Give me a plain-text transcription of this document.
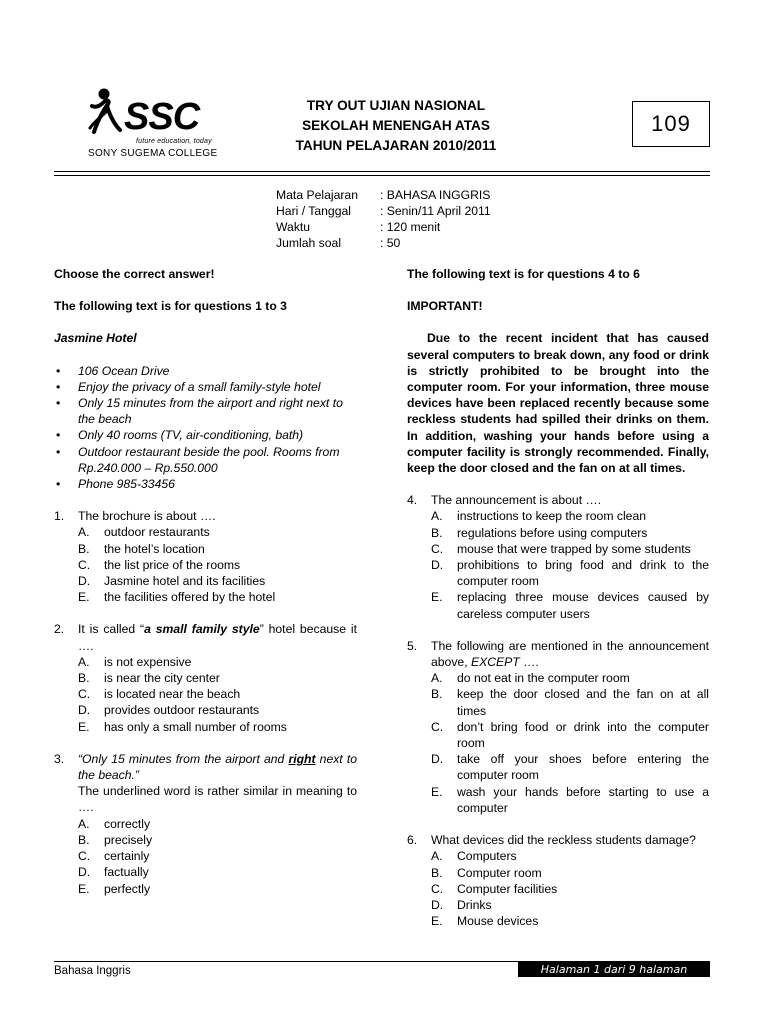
SSC
future education, today
SONY SUGEMA COLLEGE
TRY OUT UJIAN NASIONAL
SEKOLAH MENENGAH ATAS
TAHUN PELAJARAN 2010/2011
109
Mata Pelajaran	: BAHASA INGGRIS
Hari / Tanggal	: Senin/11 April 2011
Waktu	: 120 menit
Jumlah soal	: 50
Choose the correct answer!
The following text is for questions 1 to 3
Jasmine Hotel
• 106 Ocean Drive
• Enjoy the privacy of a small family-style hotel
• Only 15 minutes from the airport and right next to the beach
• Only 40 rooms (TV, air-conditioning, bath)
• Outdoor restaurant beside the pool. Rooms from Rp.240.000 – Rp.550.000
• Phone 985-33456
1.	The brochure is about ….
A.	outdoor restaurants
B.	the hotel’s location
C.	the list price of the rooms
D.	Jasmine hotel and its facilities
E.	the facilities offered by the hotel
2.	It is called “a small family style” hotel because it ….
A.	is not expensive
B.	is near the city center
C.	is located near the beach
D.	provides outdoor restaurants
E.	has only a small number of rooms
3.	“Only 15 minutes from the airport and right next to the beach.”
The underlined word is rather similar in meaning to ….
A.	correctly
B.	precisely
C.	certainly
D.	factually
E.	perfectly
The following text is for questions 4 to 6
IMPORTANT!
Due to the recent incident that has caused several computers to break down, any food or drink is strictly prohibited to be brought into the computer room. For your information, three mouse devices have been replaced recently because some reckless students had spilled their drinks on them. In addition, washing your hands before using a computer facility is strongly recommended. Finally, keep the door closed and the fan on at all times.
4.	The announcement is about ….
A.	instructions to keep the room clean
B.	regulations before using computers
C.	mouse that were trapped by some students
D.	prohibitions to bring food and drink to the computer room
E.	replacing three mouse devices caused by careless computer users
5.	The following are mentioned in the announcement above, EXCEPT ….
A.	do not eat in the computer room
B.	keep the door closed and the fan on at all times
C.	don’t bring food or drink into the computer room
D.	take off your shoes before entering the computer room
E.	wash your hands before starting to use a computer
6.	What devices did the reckless students damage?
A.	Computers
B.	Computer room
C.	Computer facilities
D.	Drinks
E.	Mouse devices
Bahasa Inggris	Halaman 1 dari 9 halaman
